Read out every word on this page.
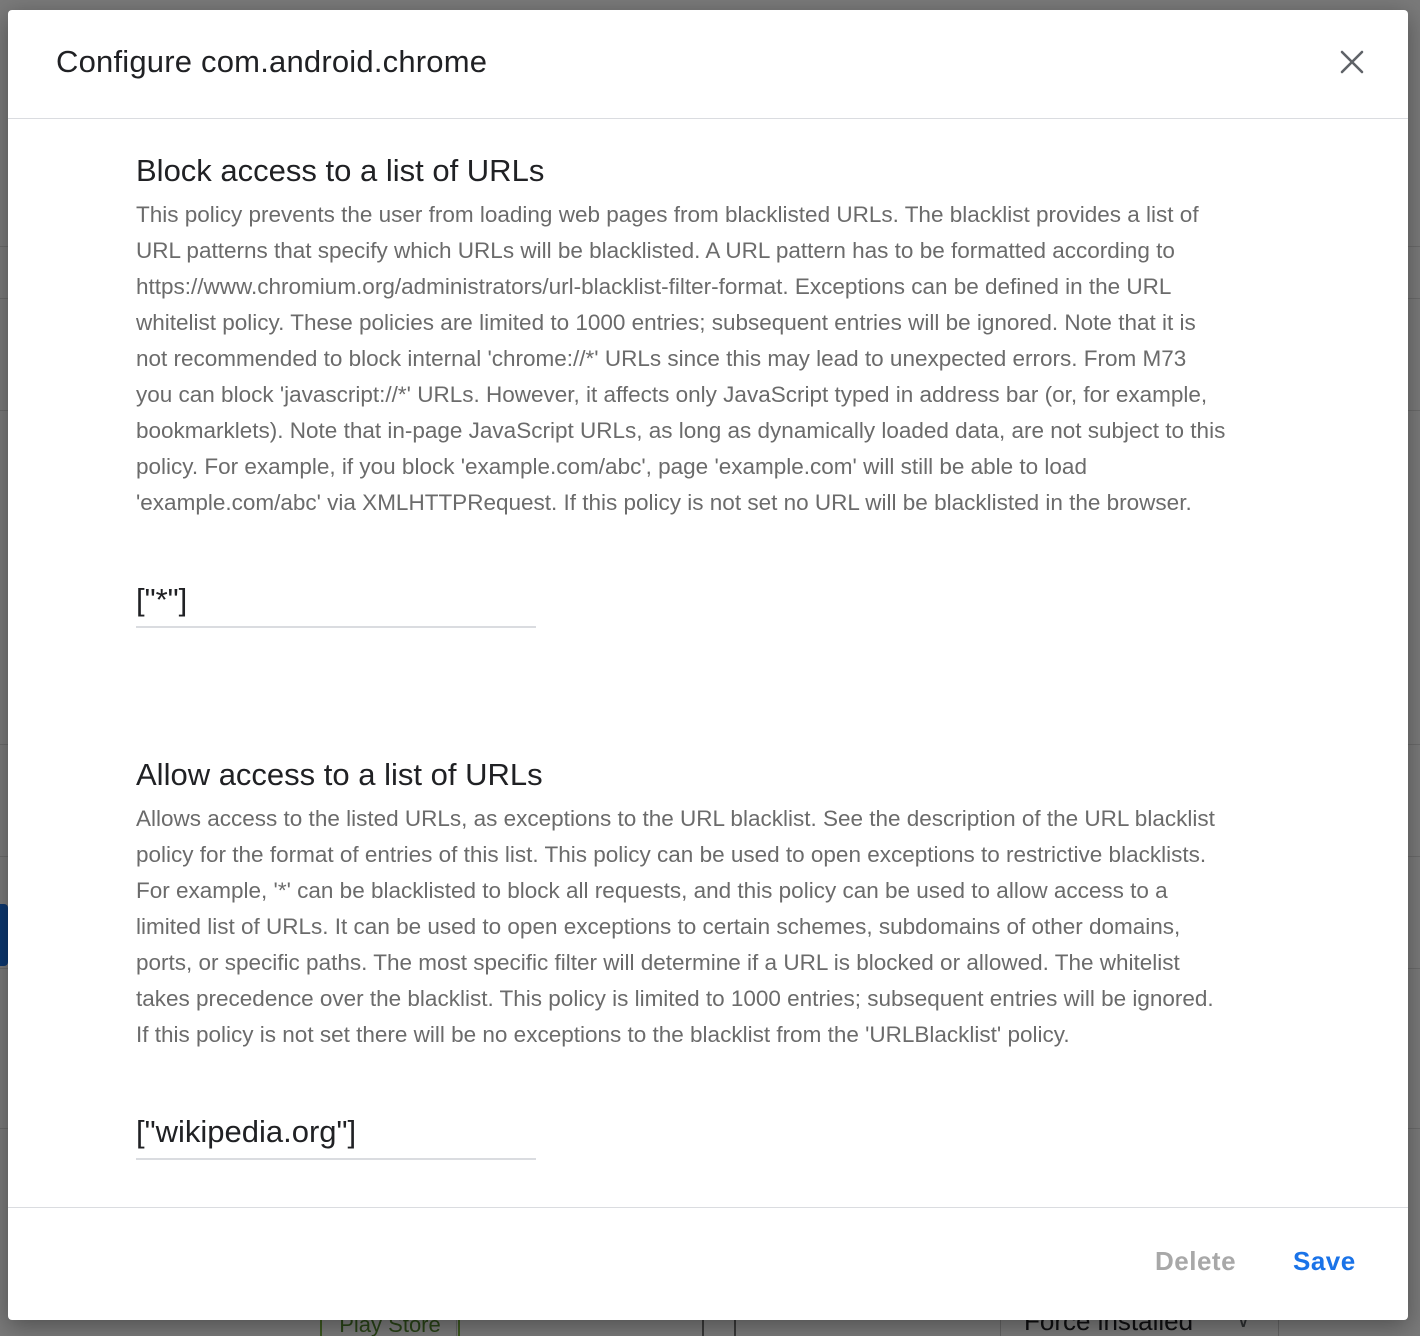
Configure com.android.chrome
Block access to a list of URLs

This policy prevents the user from loading web pages from blacklisted URLs. The blacklist provides a list of URL patterns that specify which URLs will be blacklisted. A URL pattern has to be formatted according to https://www.chromium.org/administrators/url-blacklist-filter-format. Exceptions can be defined in the URL whitelist policy. These policies are limited to 1000 entries; subsequent entries will be ignored. Note that it is not recommended to block internal 'chrome://*' URLs since this may lead to unexpected errors. From M73 you can block 'javascript://*' URLs. However, it affects only JavaScript typed in address bar (or, for example, bookmarklets). Note that in-page JavaScript URLs, as long as dynamically loaded data, are not subject to this policy. For example, if you block 'example.com/abc', page 'example.com' will still be able to load 'example.com/abc' via XMLHTTPRequest. If this policy is not set no URL will be blacklisted in the browser.

["*"]
Allow access to a list of URLs

Allows access to the listed URLs, as exceptions to the URL blacklist. See the description of the URL blacklist policy for the format of entries of this list. This policy can be used to open exceptions to restrictive blacklists. For example, '*' can be blacklisted to block all requests, and this policy can be used to allow access to a limited list of URLs. It can be used to open exceptions to certain schemes, subdomains of other domains, ports, or specific paths. The most specific filter will determine if a URL is blocked or allowed. The whitelist takes precedence over the blacklist. This policy is limited to 1000 entries; subsequent entries will be ignored. If this policy is not set there will be no exceptions to the blacklist from the 'URLBlacklist' policy.

["wikipedia.org"]
Delete Save
